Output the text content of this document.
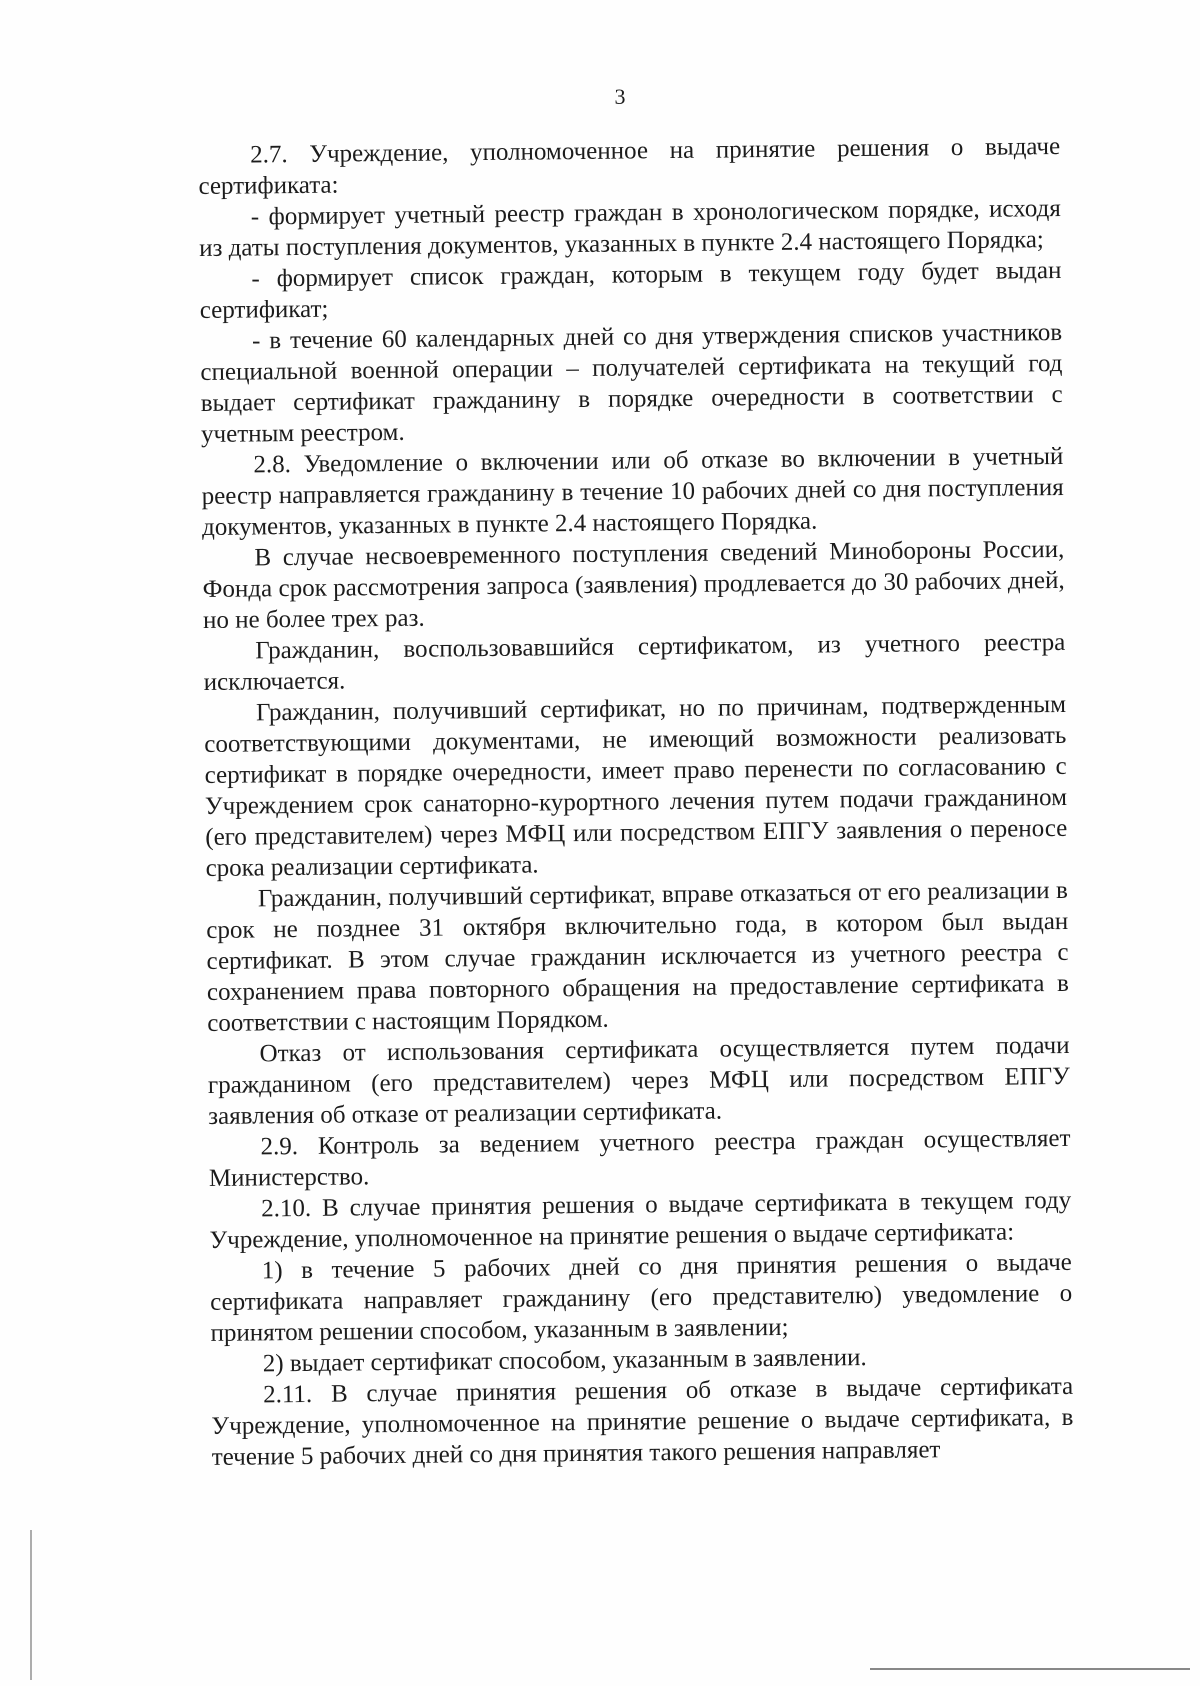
3

2.7. Учреждение, уполномоченное на принятие решения о выдаче сертификата:

- формирует учетный реестр граждан в хронологическом порядке, исходя из даты поступления документов, указанных в пункте 2.4 настоящего Порядка;

- формирует список граждан, которым в текущем году будет выдан сертификат;

- в течение 60 календарных дней со дня утверждения списков участников специальной военной операции – получателей сертификата на текущий год выдает сертификат гражданину в порядке очередности в соответствии с учетным реестром.

2.8. Уведомление о включении или об отказе во включении в учетный реестр направляется гражданину в течение 10 рабочих дней со дня поступления документов, указанных в пункте 2.4 настоящего Порядка.

В случае несвоевременного поступления сведений Минобороны России, Фонда срок рассмотрения запроса (заявления) продлевается до 30 рабочих дней, но не более трех раз.

Гражданин, воспользовавшийся сертификатом, из учетного реестра исключается.

Гражданин, получивший сертификат, но по причинам, подтвержденным соответствующими документами, не имеющий возможности реализовать сертификат в порядке очередности, имеет право перенести по согласованию с Учреждением срок санаторно-курортного лечения путем подачи гражданином (его представителем) через МФЦ или посредством ЕПГУ заявления о переносе срока реализации сертификата.

Гражданин, получивший сертификат, вправе отказаться от его реализации в срок не позднее 31 октября включительно года, в котором был выдан сертификат. В этом случае гражданин исключается из учетного реестра с сохранением права повторного обращения на предоставление сертификата в соответствии с настоящим Порядком.

Отказ от использования сертификата осуществляется путем подачи гражданином (его представителем) через МФЦ или посредством ЕПГУ заявления об отказе от реализации сертификата.

2.9. Контроль за ведением учетного реестра граждан осуществляет Министерство.

2.10. В случае принятия решения о выдаче сертификата в текущем году Учреждение, уполномоченное на принятие решения о выдаче сертификата:

1) в течение 5 рабочих дней со дня принятия решения о выдаче сертификата направляет гражданину (его представителю) уведомление о принятом решении способом, указанным в заявлении;

2) выдает сертификат способом, указанным в заявлении.

2.11. В случае принятия решения об отказе в выдаче сертификата Учреждение, уполномоченное на принятие решение о выдаче сертификата, в течение 5 рабочих дней со дня принятия такого решения направляет
